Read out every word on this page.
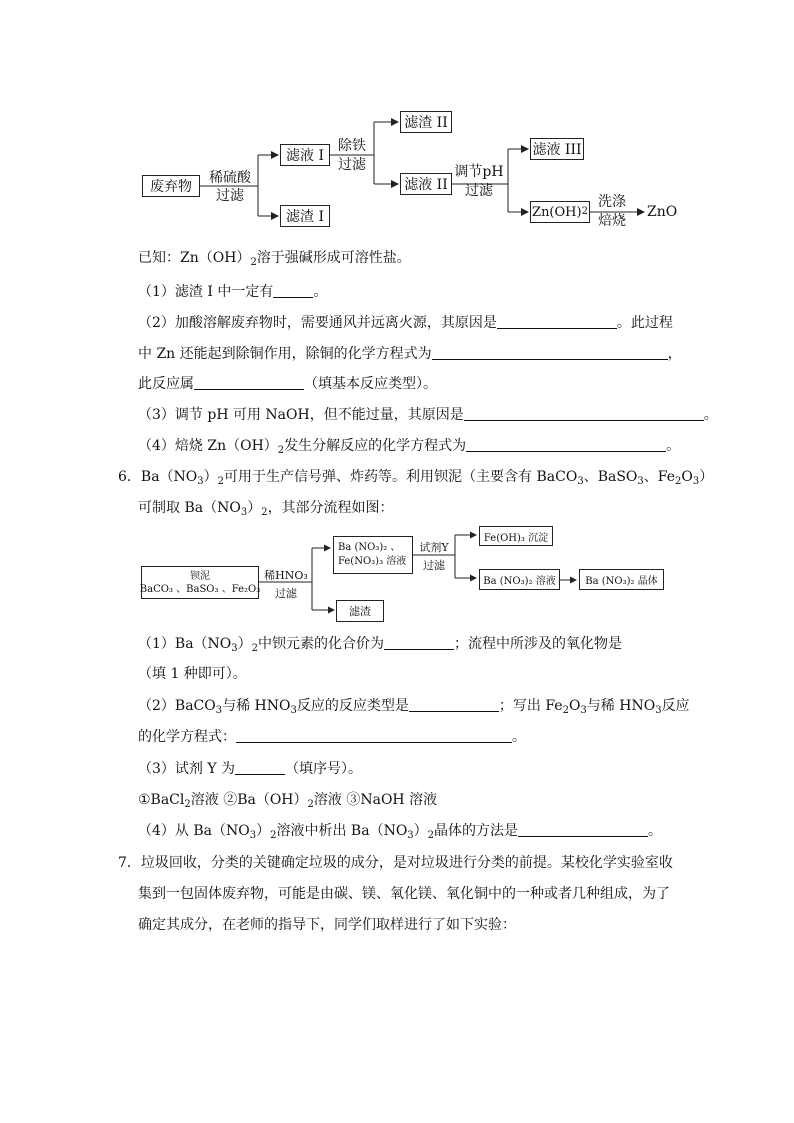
废弃物
稀硫酸
过滤
滤液 I
滤渣 I
除铁
过滤
滤渣 II
滤液 II
调节pH
过滤
滤液 III
Zn(OH) 2
洗涤
焙烧
ZnO
已知：$Zn(OH)_2$溶于强碱形成可溶性盐。
（1）滤渣 I 中一定有	。
（2）加酸溶解废弃物时，需要通风并远离火源，其原因是	。此过程
中 Zn 还能起到除铜作用，除铜的化学方程式为	，
此反应属	（填基本反应类型）。
（3）调节 pH 可用 NaOH，但不能过量，其原因是	。
（4）焙烧 $Zn(OH)_2$发生分解反应的化学方程式为	。
6．$Ba(NO_3)_2$可用于生产信号弹、炸药等。利用钡泥（主要含有 BaCO$_3$、BaSO$_3$、$Fe_2O_3$）
可制取 $Ba(NO_3)_2$，其部分流程如图：
钡泥
BaCO₃ 、BaSO₃ 、Fe₂O₃
稀HNO₃
过滤
Ba (NO₃)₂ 、
Fe(NO₃)₃ 溶液
滤渣
试剂Y
过滤
Fe(OH)₃ 沉淀
Ba (NO₃)₂ 溶液	Ba (NO₃)₂ 晶体
$(1)Ba(NO_3)_2$中钡元素的化合价为	；流程中所涉及的氧化物是
（填 1 种即可）。
（2）BaCO$_3$与稀 $HNO_3$反应的反应类型是	；写出 $Fe_2O_3$与稀 $HNO_3$反应
的化学方程式：	。
（3）试剂 Y 为	（填序号）。
①BaCl$_2$溶液 $②Ba(OH)_2$溶液 ③NaOH 溶液
（4）从 $Ba(NO_3)_2$溶液中析出 $Ba(NO_3)_2$晶体的方法是	。
7．垃圾回收，分类的关键确定垃圾的成分，是对垃圾进行分类的前提。某校化学实验室收
集到一包固体废弃物，可能是由碳、镁、氧化镁、氧化铜中的一种或者几种组成，为了
确定其成分，在老师的指导下，同学们取样进行了如下实验：
